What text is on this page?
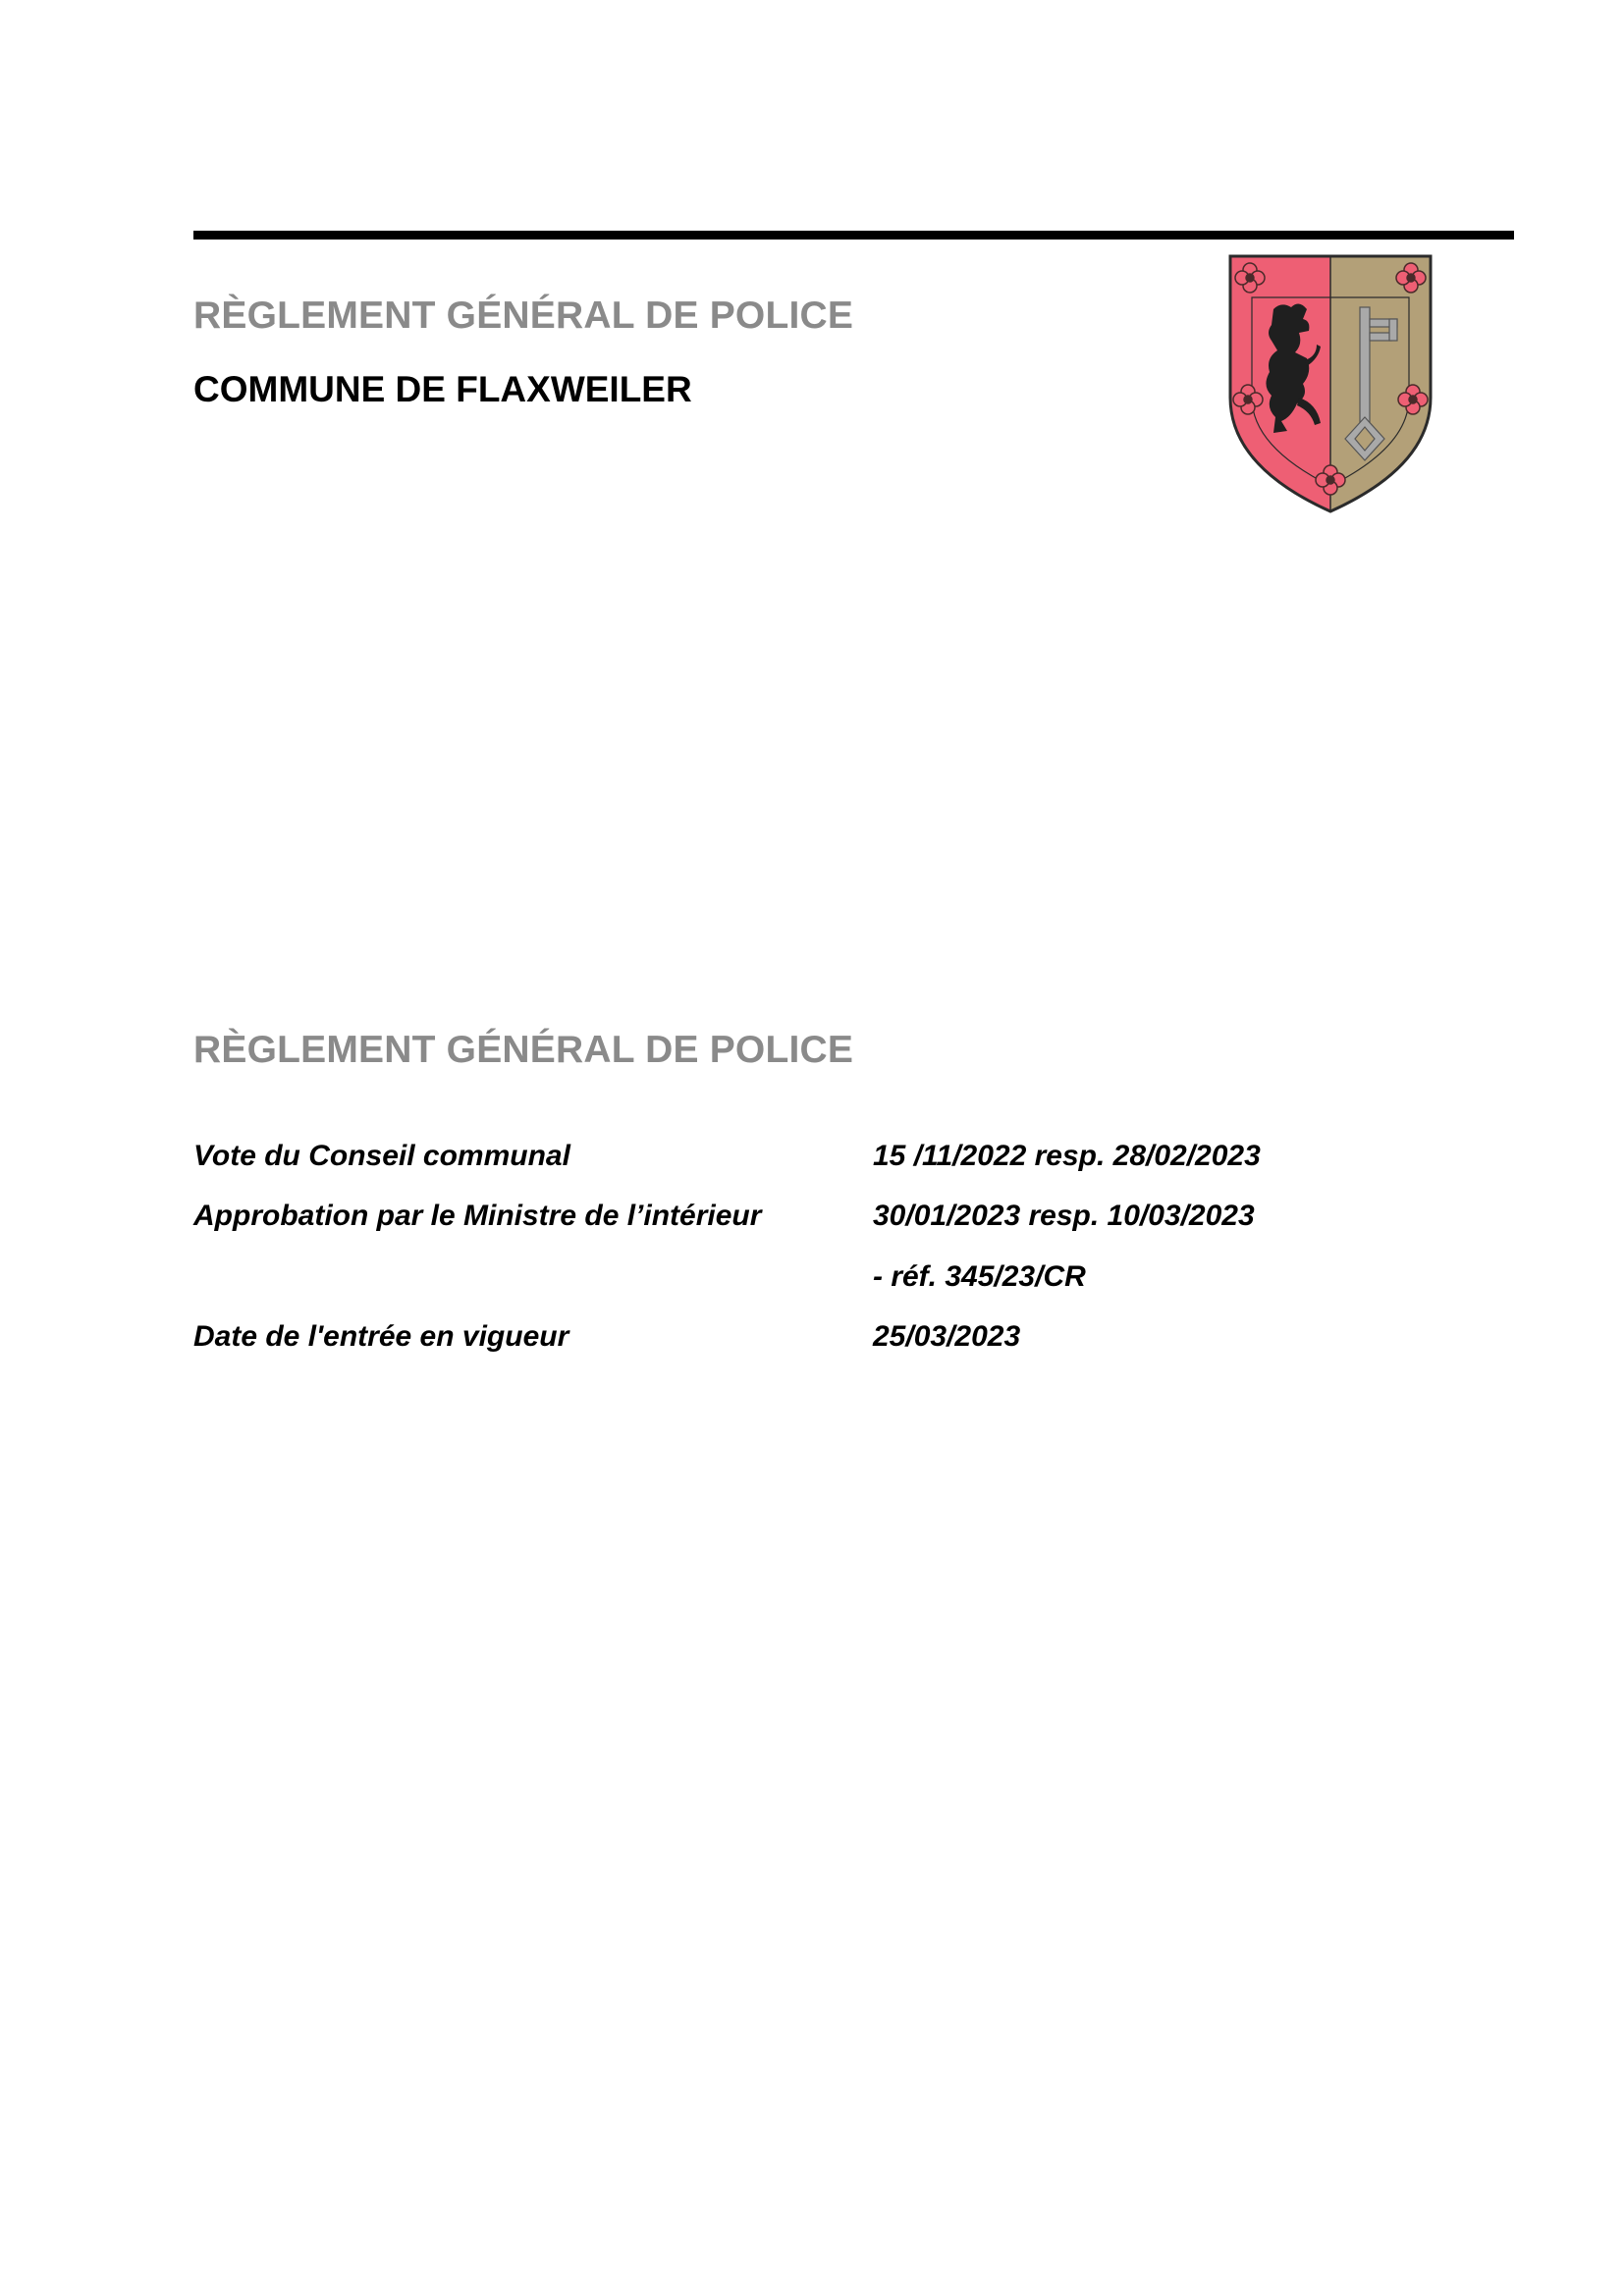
RÈGLEMENT GÉNÉRAL DE POLICE
COMMUNE DE FLAXWEILER
RÈGLEMENT GÉNÉRAL DE POLICE
Vote du Conseil communal	15 /11/2022 resp. 28/02/2023
Approbation par le Ministre de l’intérieur	30/01/2023 resp. 10/03/2023
- réf. 345/23/CR
Date de l'entrée en vigueur	25/03/2023
